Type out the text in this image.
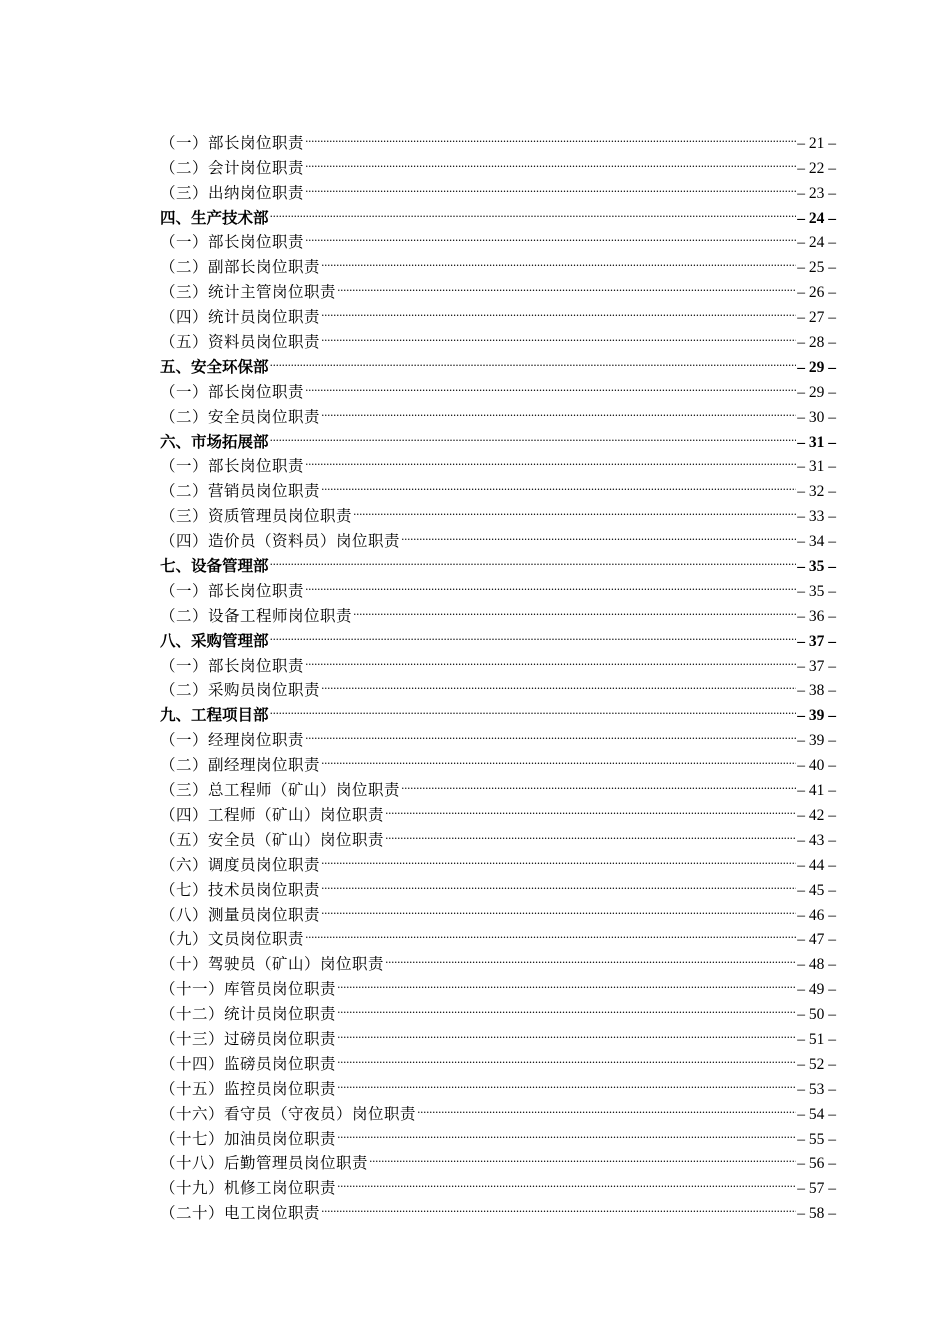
（一）部长岗位职责 .....	– 21 –
（二）会计岗位职责 .....	– 22 –
（三）出纳岗位职责 .....	– 23 –
四、生产技术部 .....	– 24 –
（一）部长岗位职责 .....	– 24 –
（二）副部长岗位职责 .....	– 25 –
（三）统计主管岗位职责 .....	– 26 –
（四）统计员岗位职责 .....	– 27 –
（五）资料员岗位职责 .....	– 28 –
五、安全环保部 .....	– 29 –
（一）部长岗位职责 .....	– 29 –
（二）安全员岗位职责 .....	– 30 –
六、市场拓展部 .....	– 31 –
（一）部长岗位职责 .....	– 31 –
（二）营销员岗位职责 .....	– 32 –
（三）资质管理员岗位职责 .....	– 33 –
（四）造价员（资料员）岗位职责 .....	– 34 –
七、设备管理部 .....	– 35 –
（一）部长岗位职责 .....	– 35 –
（二）设备工程师岗位职责 .....	– 36 –
八、采购管理部 .....	– 37 –
（一）部长岗位职责 .....	– 37 –
（二）采购员岗位职责 .....	– 38 –
九、工程项目部 .....	– 39 –
（一）经理岗位职责 .....	– 39 –
（二）副经理岗位职责 .....	– 40 –
（三）总工程师（矿山）岗位职责 .....	– 41 –
（四）工程师（矿山）岗位职责 .....	– 42 –
（五）安全员（矿山）岗位职责 .....	– 43 –
（六）调度员岗位职责 .....	– 44 –
（七）技术员岗位职责 .....	– 45 –
（八）测量员岗位职责 .....	– 46 –
（九）文员岗位职责 .....	– 47 –
（十）驾驶员（矿山）岗位职责 .....	– 48 –
（十一）库管员岗位职责 .....	– 49 –
（十二）统计员岗位职责 .....	– 50 –
（十三）过磅员岗位职责 .....	– 51 –
（十四）监磅员岗位职责 .....	– 52 –
（十五）监控员岗位职责 .....	– 53 –
（十六）看守员（守夜员）岗位职责 .....	– 54 –
（十七）加油员岗位职责 .....	– 55 –
（十八）后勤管理员岗位职责 .....	– 56 –
（十九）机修工岗位职责 .....	– 57 –
（二十）电工岗位职责 .....	– 58 –
